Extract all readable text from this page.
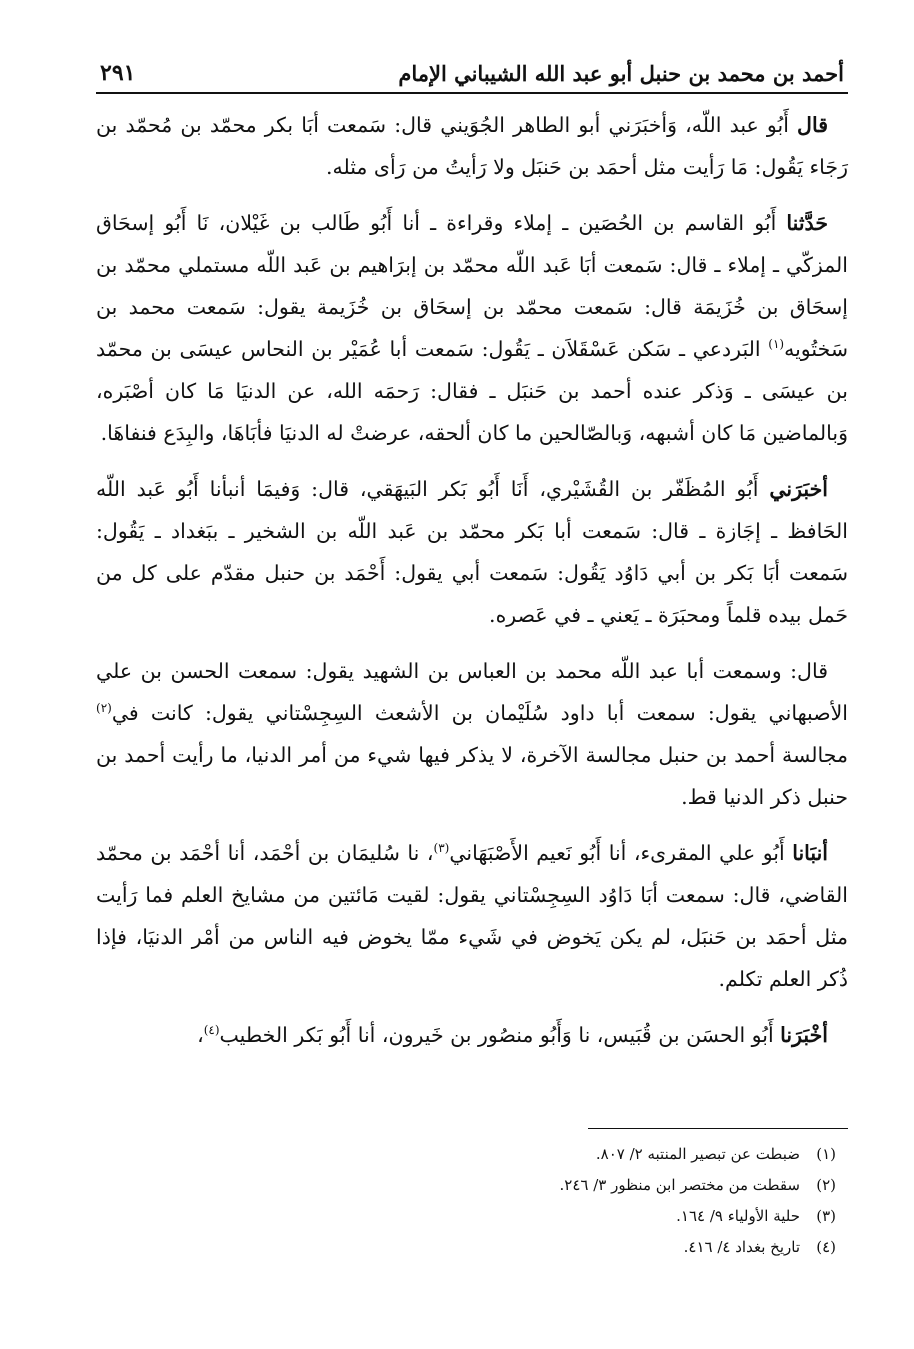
أحمد بن محمد بن حنبل أبو عبد الله الشيباني الإمام
٢٩١

قال أَبُو عبد اللّه، وَأخبَرَني أبو الطاهر الجُوَيني قال: سَمعت أبَا بكر محمّد بن مُحمّد بن رَجَاء يَقُول: مَا رَأيت مثل أحمَد بن حَنبَل ولا رَأيتُ من رَأى مثله.

حَدَّثنا أَبُو القاسم بن الحُصَين ـ إملاء وقراءة ـ أنا أَبُو طَالب بن غَيْلان، نَا أَبُو إسحَاق المزكّي ـ إملاء ـ قال: سَمعت أبَا عَبد اللّه محمّد بن إبرَاهيم بن عَبد اللّه مستملي محمّد بن إسحَاق بن خُزَيمَة قال: سَمعت محمّد بن إسحَاق بن خُزَيمة يقول: سَمعت محمد بن سَختُويه$^{(١)}$ البَردعي ـ سَكن عَسْقَلاَن ـ يَقُول: سَمعت أبا عُمَيْر بن النحاس عيسَى بن محمّد بن عيسَى ـ وَذكر عنده أحمد بن حَنبَل ـ فقال: رَحمَه الله، عن الدنيَا مَا كان أصْبَره، وَبالماضين مَا كان أشبهه، وَبالصّالحين ما كان ألحقه، عرضتْ له الدنيَا فأبَاهَا، والبِدَع فنفاهَا.

أخبَرَني أَبُو المُظَفّر بن القُشَيْري، أَنَا أَبُو بَكر البَيهَقي، قال: وَفيمَا أنبأنا أَبُو عَبد اللّه الحَافظ ـ إجَازة ـ قال: سَمعت أبا بَكر محمّد بن عَبد اللّه بن الشخير ـ ببَغداد ـ يَقُول: سَمعت أبَا بَكر بن أبي دَاوُد يَقُول: سَمعت أبي يقول: أَحْمَد بن حنبل مقدّم على كل من حَمل بيده قلماً ومحبَرَة ـ يَعني ـ في عَصره.

قال: وسمعت أبا عبد اللّه محمد بن العباس بن الشهيد يقول: سمعت الحسن بن علي الأصبهاني يقول: سمعت أبا داود سُلَيْمان بن الأشعث السِجِسْتاني يقول: كانت في$^{(٢)}$ مجالسة أحمد بن حنبل مجالسة الآخرة، لا يذكر فيها شيء من أمر الدنيا، ما رأيت أحمد بن حنبل ذكر الدنيا قط.

أنبَانا أَبُو علي المقرىء، أنا أَبُو نَعيم الأَصْبَهَاني$^{(٣)}$، نا سُليمَان بن أحْمَد، أنا أحْمَد بن محمّد القاضي، قال: سمعت أبَا دَاوُد السِجِسْتاني يقول: لقيت مَائتين من مشايخ العلم فما رَأيت مثل أحمَد بن حَنبَل، لم يكن يَخوض في شَيء ممّا يخوض فيه الناس من أمْر الدنيَا، فإذا ذُكر العلم تكلم.

أخْبَرَنا أَبُو الحسَن بن قُبَيس، نا وَأَبُو منصُور بن خَيرون، أنا أَبُو بَكر الخطيب$^{(٤)}$،

(١)ضبطت عن تبصير المنتبه ٢/ ٨٠٧.
(٢)سقطت من مختصر ابن منظور ٣/ ٢٤٦.
(٣)حلية الأولياء ٩/ ١٦٤.
(٤)تاريخ بغداد ٤/ ٤١٦.
